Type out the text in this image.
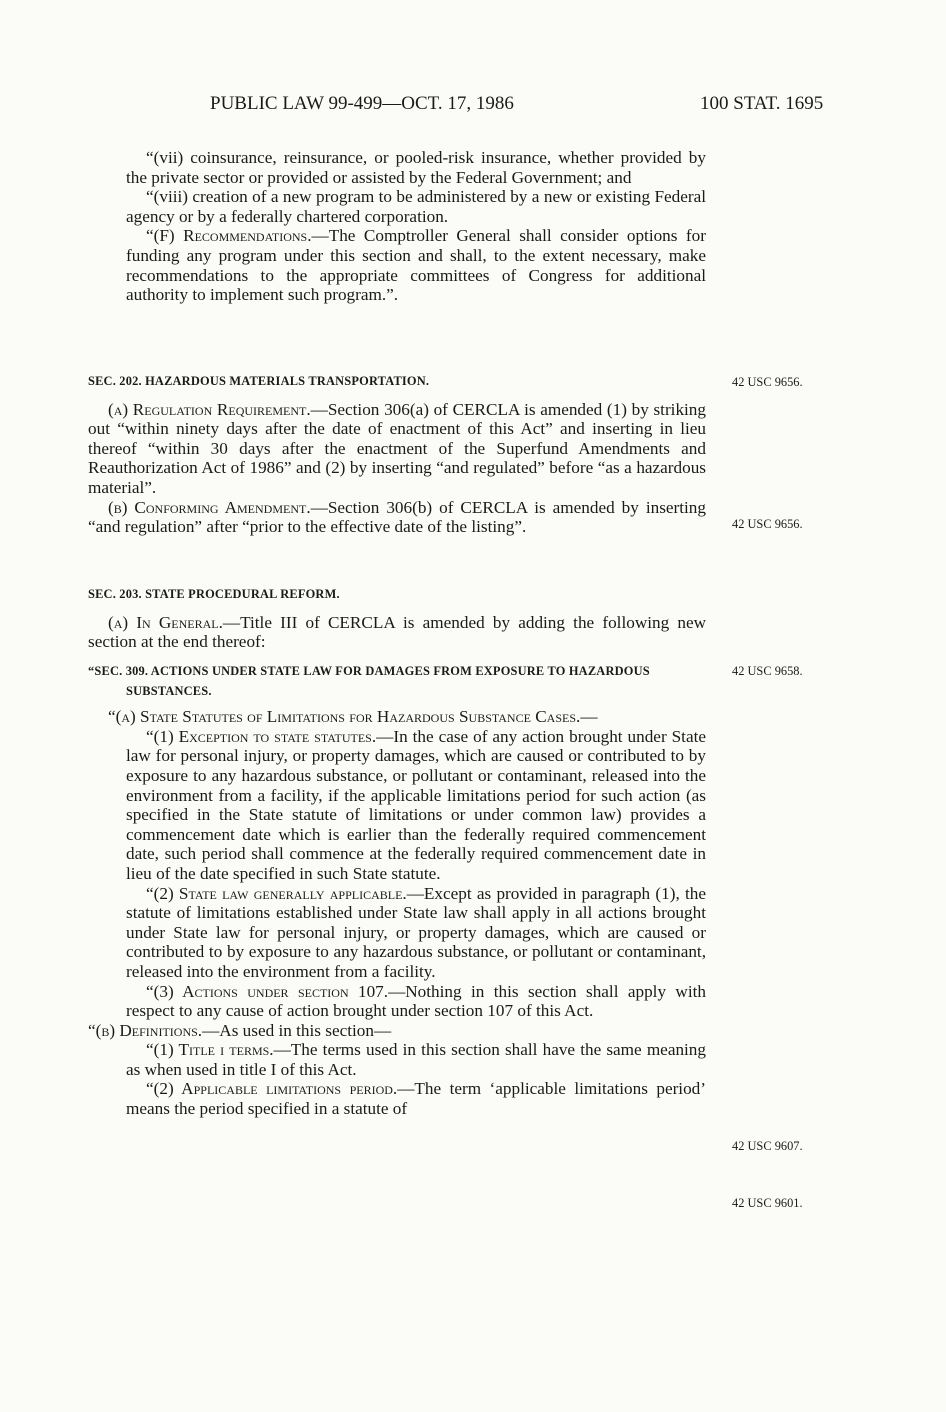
PUBLIC LAW 99-499—OCT. 17, 1986	100 STAT. 1695

“(vii) coinsurance, reinsurance, or pooled-risk insurance, whether provided by the private sector or provided or assisted by the Federal Government; and

“(viii) creation of a new program to be administered by a new or existing Federal agency or by a federally chartered corporation.

“(F) Recommendations.—The Comptroller General shall consider options for funding any program under this section and shall, to the extent necessary, make recommendations to the appropriate committees of Congress for additional authority to implement such program.”.

SEC. 202. HAZARDOUS MATERIALS TRANSPORTATION.

(a) Regulation Requirement.—Section 306(a) of CERCLA is amended (1) by striking out “within ninety days after the date of enactment of this Act” and inserting in lieu thereof “within 30 days after the enactment of the Superfund Amendments and Reauthorization Act of 1986” and (2) by inserting “and regulated” before “as a hazardous material”.

(b) Conforming Amendment.—Section 306(b) of CERCLA is amended by inserting “and regulation” after “prior to the effective date of the listing”.

SEC. 203. STATE PROCEDURAL REFORM.

(a) In General.—Title III of CERCLA is amended by adding the following new section at the end thereof:

“SEC. 309. ACTIONS UNDER STATE LAW FOR DAMAGES FROM EXPOSURE TO HAZARDOUS SUBSTANCES.

“(a) State Statutes of Limitations for Hazardous Substance Cases.—

“(1) Exception to state statutes.—In the case of any action brought under State law for personal injury, or property damages, which are caused or contributed to by exposure to any hazardous substance, or pollutant or contaminant, released into the environment from a facility, if the applicable limitations period for such action (as specified in the State statute of limitations or under common law) provides a commencement date which is earlier than the federally required commencement date, such period shall commence at the federally required commencement date in lieu of the date specified in such State statute.

“(2) State law generally applicable.—Except as provided in paragraph (1), the statute of limitations established under State law shall apply in all actions brought under State law for personal injury, or property damages, which are caused or contributed to by exposure to any hazardous substance, or pollutant or contaminant, released into the environment from a facility.

“(3) Actions under section 107.—Nothing in this section shall apply with respect to any cause of action brought under section 107 of this Act.

“(b) Definitions.—As used in this section—

“(1) Title i terms.—The terms used in this section shall have the same meaning as when used in title I of this Act.

“(2) Applicable limitations period.—The term ‘applicable limitations period’ means the period specified in a statute of

42 USC 9656.
42 USC 9656.
42 USC 9658.
42 USC 9607.
42 USC 9601.
